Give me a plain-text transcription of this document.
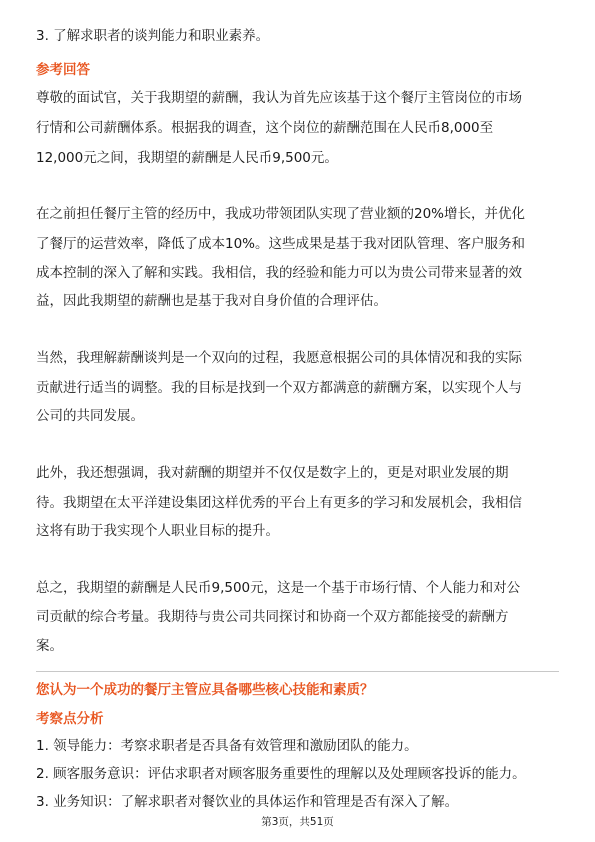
3. 了解求职者的谈判能力和职业素养。
参考回答
尊敬的面试官，关于我期望的薪酬，我认为首先应该基于这个餐厅主管岗位的市场
行情和公司薪酬体系。根据我的调查，这个岗位的薪酬范围在人民币8,000至
12,000元之间，我期望的薪酬是人民币9,500元。
在之前担任餐厅主管的经历中，我成功带领团队实现了营业额的20%增长，并优化
了餐厅的运营效率，降低了成本10%。这些成果是基于我对团队管理、客户服务和
成本控制的深入了解和实践。我相信，我的经验和能力可以为贵公司带来显著的效
益，因此我期望的薪酬也是基于我对自身价值的合理评估。
当然，我理解薪酬谈判是一个双向的过程，我愿意根据公司的具体情况和我的实际
贡献进行适当的调整。我的目标是找到一个双方都满意的薪酬方案，以实现个人与
公司的共同发展。
此外，我还想强调，我对薪酬的期望并不仅仅是数字上的，更是对职业发展的期
待。我期望在太平洋建设集团这样优秀的平台上有更多的学习和发展机会，我相信
这将有助于我实现个人职业目标的提升。
总之，我期望的薪酬是人民币9,500元，这是一个基于市场行情、个人能力和对公
司贡献的综合考量。我期待与贵公司共同探讨和协商一个双方都能接受的薪酬方
案。
您认为一个成功的餐厅主管应具备哪些核心技能和素质？
考察点分析
1. 领导能力：考察求职者是否具备有效管理和激励团队的能力。
2. 顾客服务意识：评估求职者对顾客服务重要性的理解以及处理顾客投诉的能力。
3. 业务知识：了解求职者对餐饮业的具体运作和管理是否有深入了解。
第3页，共51页
